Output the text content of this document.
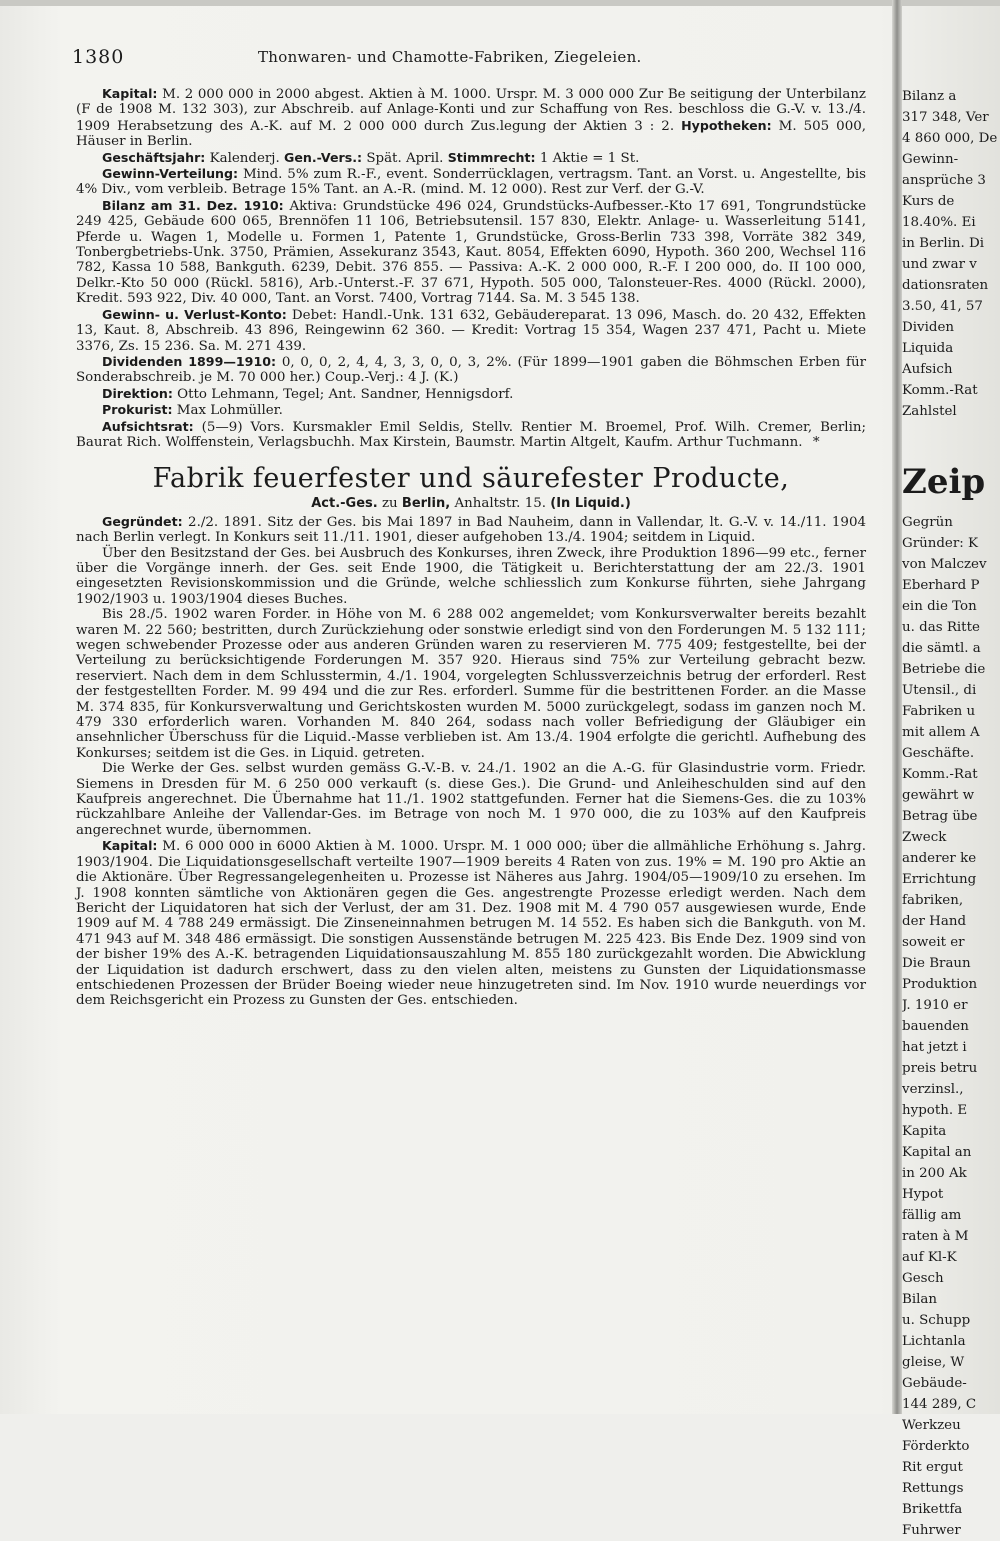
1380	Thonwaren- und Chamotte-Fabriken, Ziegeleien.

Kapital: M. 2 000 000 in 2000 abgest. Aktien à M. 1000. Urspr. M. 3 000 000 Zur Be seitigung der Unterbilanz (F de 1908 M. 132 303), zur Abschreib. auf Anlage-Konti und zur Schaffung von Res. beschloss die G.-V. v. 13./4. 1909 Herabsetzung des A.-K. auf M. 2 000 000 durch Zus.legung der Aktien 3 : 2. Hypotheken: M. 505 000, Häuser in Berlin.

Geschäftsjahr: Kalenderj. Gen.-Vers.: Spät. April. Stimmrecht: 1 Aktie = 1 St.

Gewinn-Verteilung: Mind. 5% zum R.-F., event. Sonderrücklagen, vertragsm. Tant. an Vorst. u. Angestellte, bis 4% Div., vom verbleib. Betrage 15% Tant. an A.-R. (mind. M. 12 000). Rest zur Verf. der G.-V.

Bilanz am 31. Dez. 1910: Aktiva: Grundstücke 496 024, Grundstücks-Aufbesser.-Kto 17 691, Tongrundstücke 249 425, Gebäude 600 065, Brennöfen 11 106, Betriebsutensil. 157 830, Elektr. Anlage- u. Wasserleitung 5141, Pferde u. Wagen 1, Modelle u. Formen 1, Patente 1, Grundstücke, Gross-Berlin 733 398, Vorräte 382 349, Tonbergbetriebs-Unk. 3750, Prämien, Assekuranz 3543, Kaut. 8054, Effekten 6090, Hypoth. 360 200, Wechsel 116 782, Kassa 10 588, Bankguth. 6239, Debit. 376 855. — Passiva: A.-K. 2 000 000, R.-F. I 200 000, do. II 100 000, Delkr.-Kto 50 000 (Rückl. 5816), Arb.-Unterst.-F. 37 671, Hypoth. 505 000, Talonsteuer-Res. 4000 (Rückl. 2000), Kredit. 593 922, Div. 40 000, Tant. an Vorst. 7400, Vortrag 7144. Sa. M. 3 545 138.

Gewinn- u. Verlust-Konto: Debet: Handl.-Unk. 131 632, Gebäudereparat. 13 096, Masch. do. 20 432, Effekten 13, Kaut. 8, Abschreib. 43 896, Reingewinn 62 360. — Kredit: Vortrag 15 354, Wagen 237 471, Pacht u. Miete 3376, Zs. 15 236. Sa. M. 271 439.

Dividenden 1899—1910: 0, 0, 0, 2, 4, 4, 3, 3, 0, 0, 3, 2%. (Für 1899—1901 gaben die Böhmschen Erben für Sonderabschreib. je M. 70 000 her.) Coup.-Verj.: 4 J. (K.)

Direktion: Otto Lehmann, Tegel; Ant. Sandner, Hennigsdorf.

Prokurist: Max Lohmüller.

Aufsichtsrat: (5—9) Vors. Kursmakler Emil Seldis, Stellv. Rentier M. Broemel, Prof. Wilh. Cremer, Berlin; Baurat Rich. Wolffenstein, Verlagsbuchh. Max Kirstein, Baumstr. Martin Altgelt, Kaufm. Arthur Tuchmann. *

Fabrik feuerfester und säurefester Producte,
Act.-Ges. zu Berlin, Anhaltstr. 15. (In Liquid.)

Gegründet: 2./2. 1891. Sitz der Ges. bis Mai 1897 in Bad Nauheim, dann in Vallendar, lt. G.-V. v. 14./11. 1904 nach Berlin verlegt. In Konkurs seit 11./11. 1901, dieser aufgehoben 13./4. 1904; seitdem in Liquid.

Über den Besitzstand der Ges. bei Ausbruch des Konkurses, ihren Zweck, ihre Produktion 1896—99 etc., ferner über die Vorgänge innerh. der Ges. seit Ende 1900, die Tätigkeit u. Berichterstattung der am 22./3. 1901 eingesetzten Revisionskommission und die Gründe, welche schliesslich zum Konkurse führten, siehe Jahrgang 1902/1903 u. 1903/1904 dieses Buches.

Bis 28./5. 1902 waren Forder. in Höhe von M. 6 288 002 angemeldet; vom Konkursverwalter bereits bezahlt waren M. 22 560; bestritten, durch Zurückziehung oder sonstwie erledigt sind von den Forderungen M. 5 132 111; wegen schwebender Prozesse oder aus anderen Gründen waren zu reservieren M. 775 409; festgestellte, bei der Verteilung zu berücksichtigende Forderungen M. 357 920. Hieraus sind 75% zur Verteilung gebracht bezw. reserviert. Nach dem in dem Schlusstermin, 4./1. 1904, vorgelegten Schlussverzeichnis betrug der erforderl. Rest der festgestellten Forder. M. 99 494 und die zur Res. erforderl. Summe für die bestrittenen Forder. an die Masse M. 374 835, für Konkursverwaltung und Gerichtskosten wurden M. 5000 zurückgelegt, sodass im ganzen noch M. 479 330 erforderlich waren. Vorhanden M. 840 264, sodass nach voller Befriedigung der Gläubiger ein ansehnlicher Überschuss für die Liquid.-Masse verblieben ist. Am 13./4. 1904 erfolgte die gerichtl. Aufhebung des Konkurses; seitdem ist die Ges. in Liquid. getreten.

Die Werke der Ges. selbst wurden gemäss G.-V.-B. v. 24./1. 1902 an die A.-G. für Glasindustrie vorm. Friedr. Siemens in Dresden für M. 6 250 000 verkauft (s. diese Ges.). Die Grund- und Anleiheschulden sind auf den Kaufpreis angerechnet. Die Übernahme hat 11./1. 1902 stattgefunden. Ferner hat die Siemens-Ges. die zu 103% rückzahlbare Anleihe der Vallendar-Ges. im Betrage von noch M. 1 970 000, die zu 103% auf den Kaufpreis angerechnet wurde, übernommen.

Kapital: M. 6 000 000 in 6000 Aktien à M. 1000. Urspr. M. 1 000 000; über die allmähliche Erhöhung s. Jahrg. 1903/1904. Die Liquidationsgesellschaft verteilte 1907—1909 bereits 4 Raten von zus. 19% = M. 190 pro Aktie an die Aktionäre. Über Regressangelegenheiten u. Prozesse ist Näheres aus Jahrg. 1904/05—1909/10 zu ersehen. Im J. 1908 konnten sämtliche von Aktionären gegen die Ges. angestrengte Prozesse erledigt werden. Nach dem Bericht der Liquidatoren hat sich der Verlust, der am 31. Dez. 1908 mit M. 4 790 057 ausgewiesen wurde, Ende 1909 auf M. 4 788 249 ermässigt. Die Zinseneinnahmen betrugen M. 14 552. Es haben sich die Bankguth. von M. 471 943 auf M. 348 486 ermässigt. Die sonstigen Aussenstände betrugen M. 225 423. Bis Ende Dez. 1909 sind von der bisher 19% des A.-K. betragenden Liquidationsauszahlung M. 855 180 zurückgezahlt worden. Die Abwicklung der Liquidation ist dadurch erschwert, dass zu den vielen alten, meistens zu Gunsten der Liquidationsmasse entschiedenen Prozessen der Brüder Boeing wieder neue hinzugetreten sind. Im Nov. 1910 wurde neuerdings vor dem Reichsgericht ein Prozess zu Gunsten der Ges. entschieden.

Bilanz a
317 348, Ver
4 860 000, De
Gewinn-
ansprüche 3
Kurs de
18.40%. Ei
in Berlin. Di
und zwar v
dationsraten
3.50, 41, 57
Dividen
Liquida
Aufsich
Komm.-Rat
Zahlstel
Zeip
Gegrün
Gründer: K
von Malczev
Eberhard P
ein die Ton
u. das Ritte
die sämtl. a
Betriebe die
Utensil., di
Fabriken u
mit allem A
Geschäfte.
Komm.-Rat
gewährt w
Betrag übe
Zweck
anderer ke
Errichtung
fabriken,
der Hand
soweit er
Die Braun
Produktion
J. 1910 er
bauenden
hat jetzt i
preis betru
verzinsl.,
hypoth. E
Kapita
Kapital an
in 200 Ak
Hypot
fällig am
raten à M
auf Kl-K
Gesch
Bilan
u. Schupp
Lichtanla
gleise, W
Gebäude-
144 289, C
Werkzeu
Förderkto
Rit ergut
Rettungs
Brikettfa
Fuhrwer
